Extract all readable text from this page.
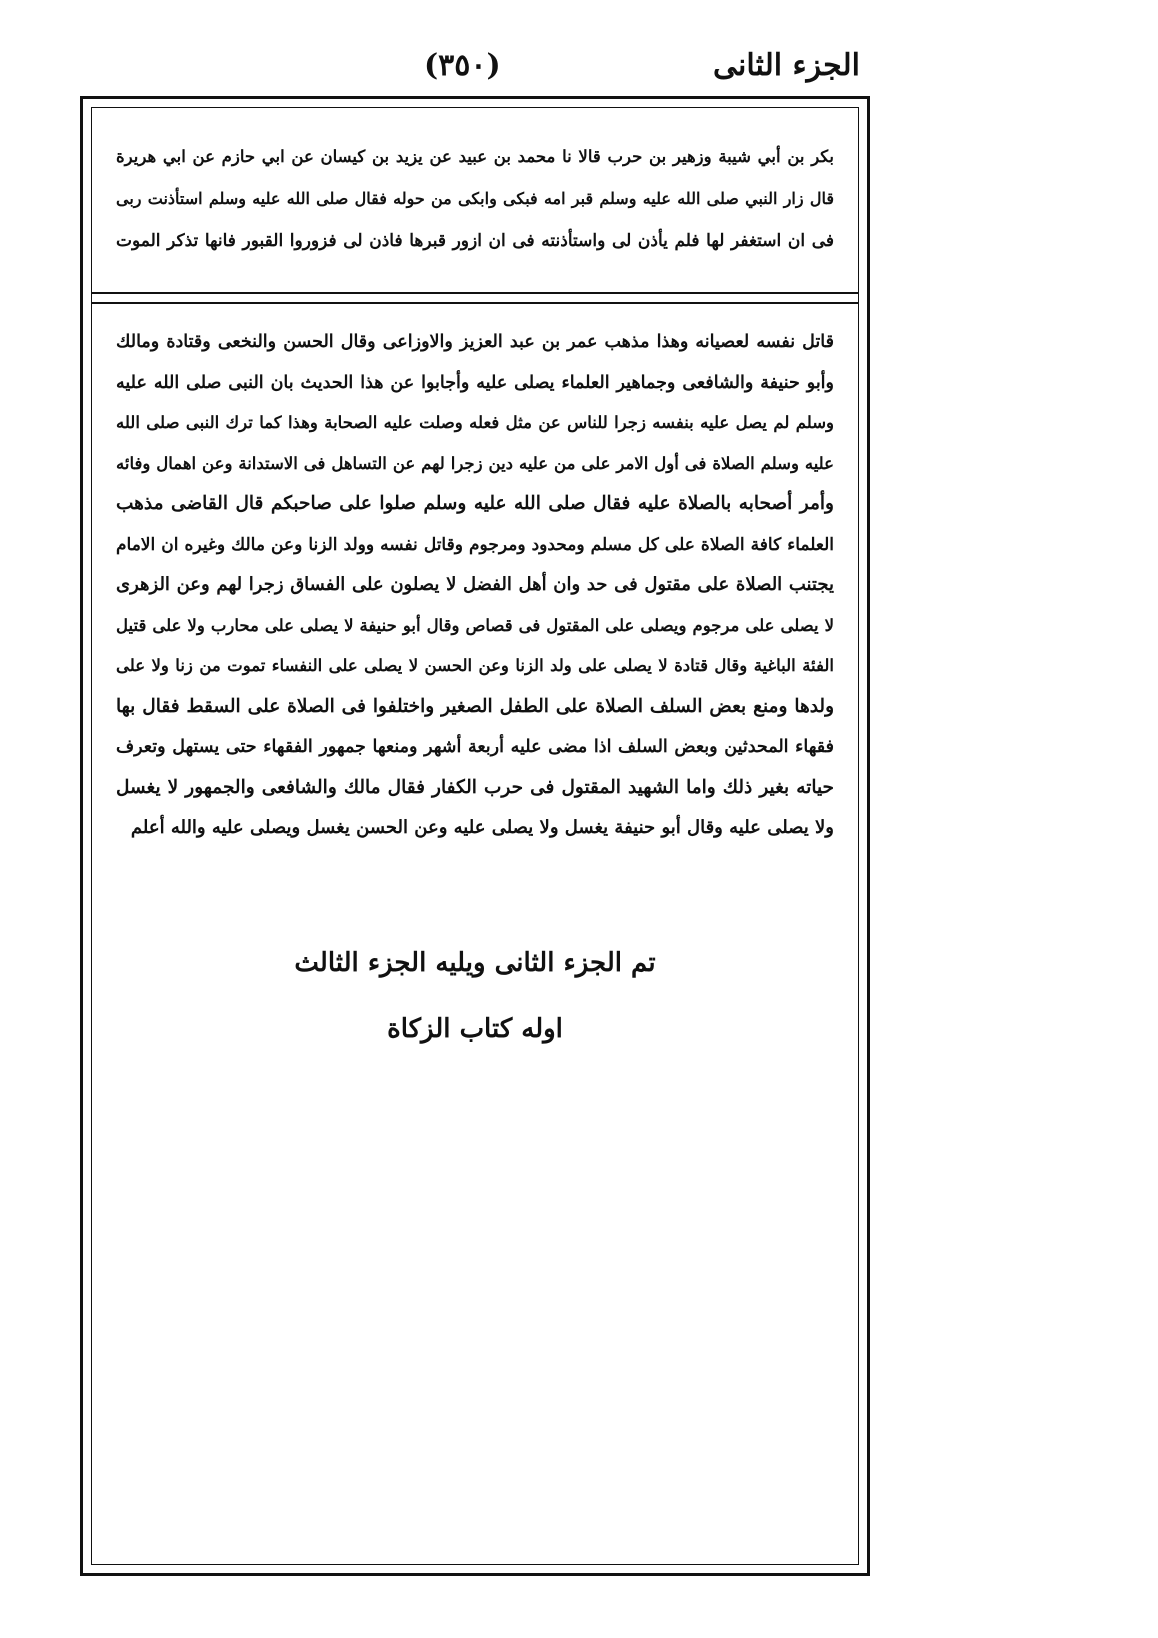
الجزء الثانى
(٣٥٠)
بكر بن أبي شيبة وزهير بن حرب قالا نا محمد بن عبيد عن يزيد بن كيسان عن ابي حازم عن ابي هريرة
قال زار النبي صلى الله عليه وسلم قبر امه فبكى وابكى من حوله فقال صلى الله عليه وسلم استأذنت ربى
فى ان استغفر لها فلم يأذن لى واستأذنته فى ان ازور قبرها فاذن لى فزوروا القبور فانها تذكر الموت
قاتل نفسه لعصيانه وهذا مذهب عمر بن عبد العزيز والاوزاعى وقال الحسن والنخعى وقتادة ومالك
وأبو حنيفة والشافعى وجماهير العلماء يصلى عليه وأجابوا عن هذا الحديث بان النبى صلى الله عليه
وسلم لم يصل عليه بنفسه زجرا للناس عن مثل فعله وصلت عليه الصحابة وهذا كما ترك النبى صلى الله
عليه وسلم الصلاة فى أول الامر على من عليه دين زجرا لهم عن التساهل فى الاستدانة وعن اهمال وفائه
وأمر أصحابه بالصلاة عليه فقال صلى الله عليه وسلم صلوا على صاحبكم قال القاضى مذهب
العلماء كافة الصلاة على كل مسلم ومحدود ومرجوم وقاتل نفسه وولد الزنا وعن مالك وغيره ان الامام
يجتنب الصلاة على مقتول فى حد وان أهل الفضل لا يصلون على الفساق زجرا لهم وعن الزهرى
لا يصلى على مرجوم ويصلى على المقتول فى قصاص وقال أبو حنيفة لا يصلى على محارب ولا على قتيل
الفئة الباغية وقال قتادة لا يصلى على ولد الزنا وعن الحسن لا يصلى على النفساء تموت من زنا ولا على
ولدها ومنع بعض السلف الصلاة على الطفل الصغير واختلفوا فى الصلاة على السقط فقال بها
فقهاء المحدثين وبعض السلف اذا مضى عليه أربعة أشهر ومنعها جمهور الفقهاء حتى يستهل وتعرف
حياته بغير ذلك واما الشهيد المقتول فى حرب الكفار فقال مالك والشافعى والجمهور لا يغسل
ولا يصلى عليه وقال أبو حنيفة يغسل ولا يصلى عليه وعن الحسن يغسل ويصلى عليه والله أعلم
تم الجزء الثانى ويليه الجزء الثالث
اوله كتاب الزكاة
